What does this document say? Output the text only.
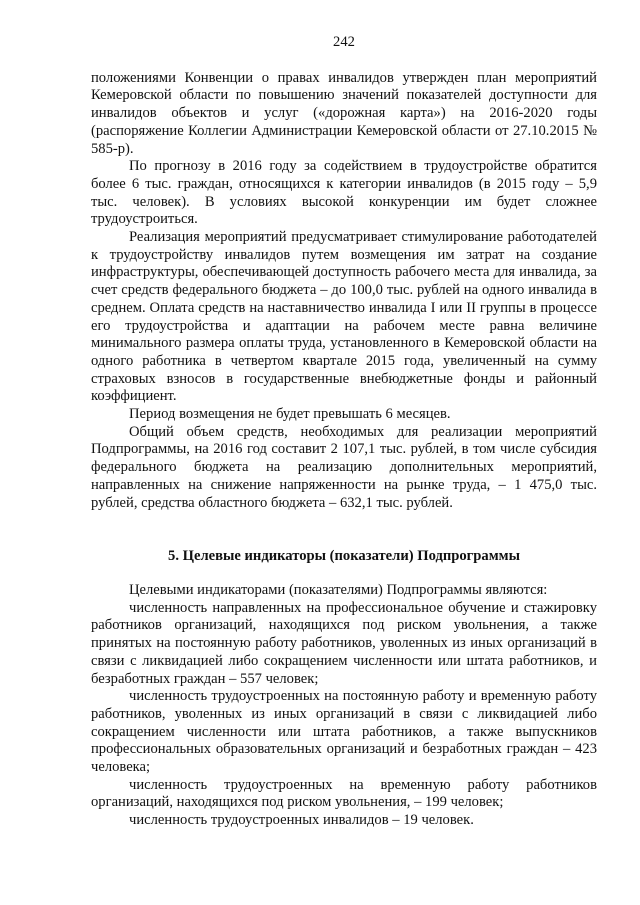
242

положениями Конвенции о правах инвалидов утвержден план мероприятий Кемеровской области по повышению значений показателей доступности для инвалидов объектов и услуг («дорожная карта») на 2016-2020 годы (распоряжение Коллегии Администрации Кемеровской области от 27.10.2015 № 585-р).

По прогнозу в 2016 году за содействием в трудоустройстве обратится более 6 тыс. граждан, относящихся к категории инвалидов (в 2015 году – 5,9 тыс. человек). В условиях высокой конкуренции им будет сложнее трудоустроиться.

Реализация мероприятий предусматривает стимулирование работодателей к трудоустройству инвалидов путем возмещения им затрат на создание инфраструктуры, обеспечивающей доступность рабочего места для инвалида, за счет средств федерального бюджета – до 100,0 тыс. рублей на одного инвалида в среднем. Оплата средств на наставничество инвалида I или II группы в процессе его трудоустройства и адаптации на рабочем месте равна величине минимального размера оплаты труда, установленного в Кемеровской области на одного работника в четвертом квартале 2015 года, увеличенный на сумму страховых взносов в государственные внебюджетные фонды и районный коэффициент.

Период возмещения не будет превышать 6 месяцев.

Общий объем средств, необходимых для реализации мероприятий Подпрограммы, на 2016 год составит 2 107,1 тыс. рублей, в том числе субсидия федерального бюджета на реализацию дополнительных мероприятий, направленных на снижение напряженности на рынке труда, – 1 475,0 тыс. рублей, средства областного бюджета – 632,1 тыс. рублей.

5. Целевые индикаторы (показатели) Подпрограммы

Целевыми индикаторами (показателями) Подпрограммы являются:

численность направленных на профессиональное обучение и стажировку работников организаций, находящихся под риском увольнения, а также принятых на постоянную работу работников, уволенных из иных организаций в связи с ликвидацией либо сокращением численности или штата работников, и безработных граждан – 557 человек;

численность трудоустроенных на постоянную работу и временную работу работников, уволенных из иных организаций в связи с ликвидацией либо сокращением численности или штата работников, а также выпускников профессиональных образовательных организаций и безработных граждан – 423 человека;

численность трудоустроенных на временную работу работников организаций, находящихся под риском увольнения, – 199 человек;

численность трудоустроенных инвалидов – 19 человек.
